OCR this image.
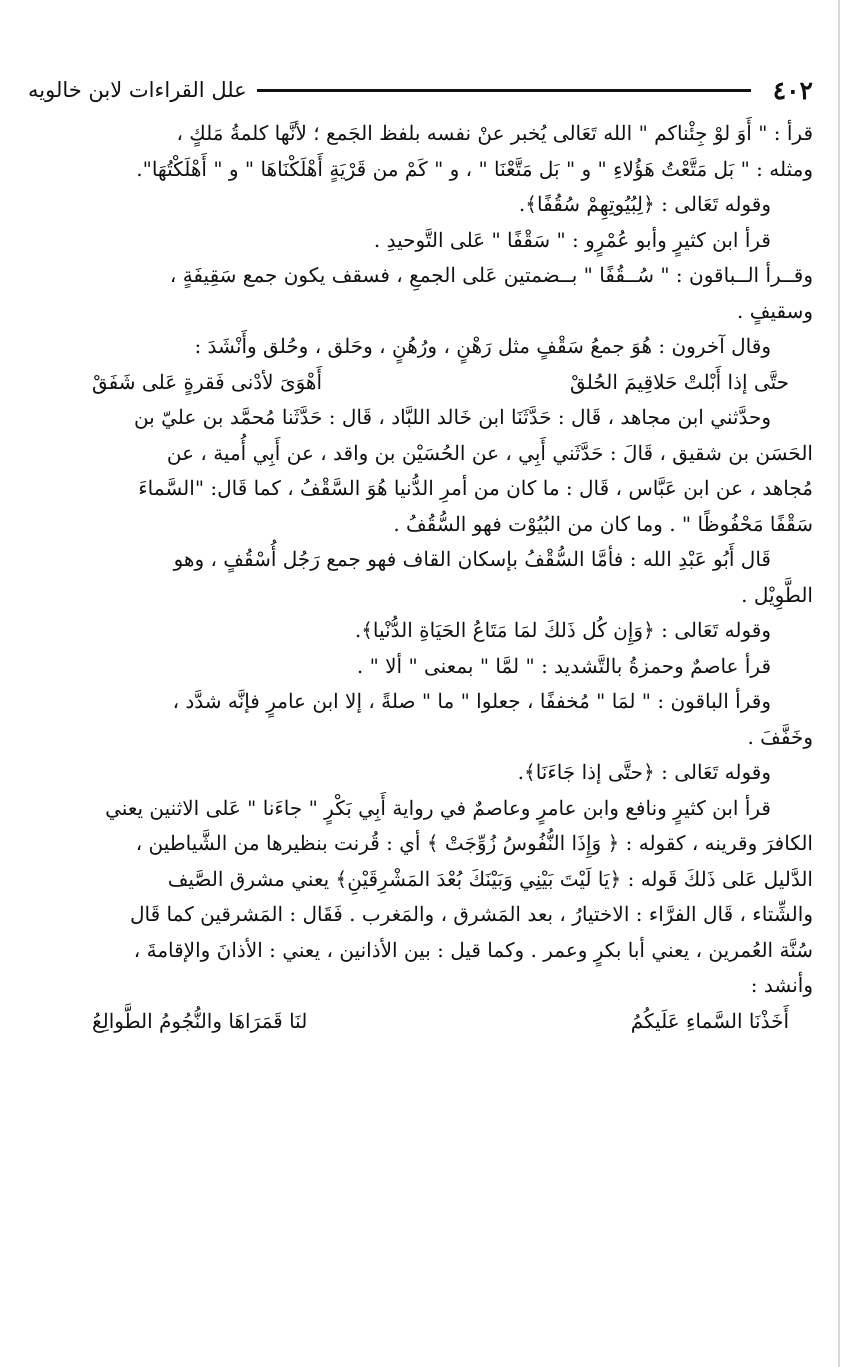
٤٠٢
علل القراءات لابن خالويه

قرأ : " أَوَ لوْ جِئْناكم " الله تَعَالى يُخبر عنْ نفسه بلفظ الجَمع ؛ لأنَّها كلمةُ مَلكٍ ،

ومثله : " بَل مَتَّعْتُ هَؤُلاءِ " و " بَل مَتَّعْنَا " ، و " كَمْ من قَرْيَةٍ أَهْلَكْنَاهَا " و " أَهْلَكْتُهَا".

وقوله تَعَالى : ﴿لِبُيُوتِهِمْ سُقُفًا﴾.

قرأ ابن كثيرٍ وأبو عُمْرٍو : " سَقْفًا " عَلى التَّوحيدِ .

وقــرأ الــباقون : " سُــقُفًا " بــضمتين عَلى الجمعِ ، فسقف يكون جمع سَقِيفَةٍ ،

وسقيفٍ .

وقال آخرون : هُوَ جمعُ سَقْفٍ مثل رَهْنٍ ، ورُهُنٍ ، وحَلق ، وحُلق وأَنْشَدَ :

حتَّى إذا أَبْلتْ حَلاقِيمَ الحُلقْ
أَهْوَىَ لأدْنى فَقرةٍ عَلى شَفَقْ

وحدَّثني ابن مجاهد ، قَال : حَدَّثَنَا ابن خَالد اللبَّاد ، قَال : حَدَّثَنا مُحمَّد بن عليّ بن

الحَسَن بن شقيق ، قَالَ : حَدَّثَني أَبِي ، عن الحُسَيْن بن واقد ، عن أَبِي أُمية ، عن

مُجاهد ، عن ابن عَبَّاس ، قَال : ما كان من أمرِ الدُّنيا هُوَ السَّقْفُ ، كما قَال: "السَّماءَ

سَقْفًا مَحْفُوظًا " . وما كان من البُيُوْت فهو السُّقُفُ .

قَال أَبُو عَبْدِ الله : فأمَّا السُّقْفُ بإسكان القاف فهو جمع رَجُل أُسْقُفٍ ، وهو

الطَّوِيْل .

وقوله تَعَالى : ﴿وَإِن كُل ذَلكَ لمَا مَتَاعُ الحَيَاةِ الدُّنْيا﴾.

قرأ عاصمٌ وحمزةُ بالتَّشديد : " لمَّا " بمعنى " ألا " .

وقرأ الباقون : " لمَا " مُخففًا ، جعلوا " ما " صلةً ، إلا ابن عامرٍ فإنَّه شدَّد ،

وخَفَّفَ .

وقوله تَعَالى : ﴿حتَّى إذا جَاءَنَا﴾.

قرأ ابن كثيرٍ ونافع وابن عامرٍ وعاصمٌ في رواية أَبِي بَكْرٍ " جاءَنا " عَلى الاثنين يعني

الكافرَ وقرينه ، كقوله : ﴿ وَإِذَا النُّفُوسُ زُوِّجَتْ ﴾ أي : قُرنت بنظيرها من الشَّياطين ،

الدَّليل عَلى ذَلكَ قَوله : ﴿يَا لَيْتَ بَيْنِي وَبَيْنَكَ بُعْدَ المَشْرِقَيْنِ﴾ يعني مشرق الصَّيف

والشِّتاء ، قَال الفرَّاء : الاختيارُ ، بعد المَشرق ، والمَغرب . فَقَال : المَشرقين كما قَال

سُنَّة العُمرين ، يعني أبا بكرٍ وعمر . وكما قيل : بين الأذانين ، يعني : الأذانَ والإقامةَ ،

وأنشد :

أَخَذْنَا السَّماءِ عَلَيكُمُ
لنَا قَمَرَاهَا والنُّجُومُ الطَّوالِعُ
